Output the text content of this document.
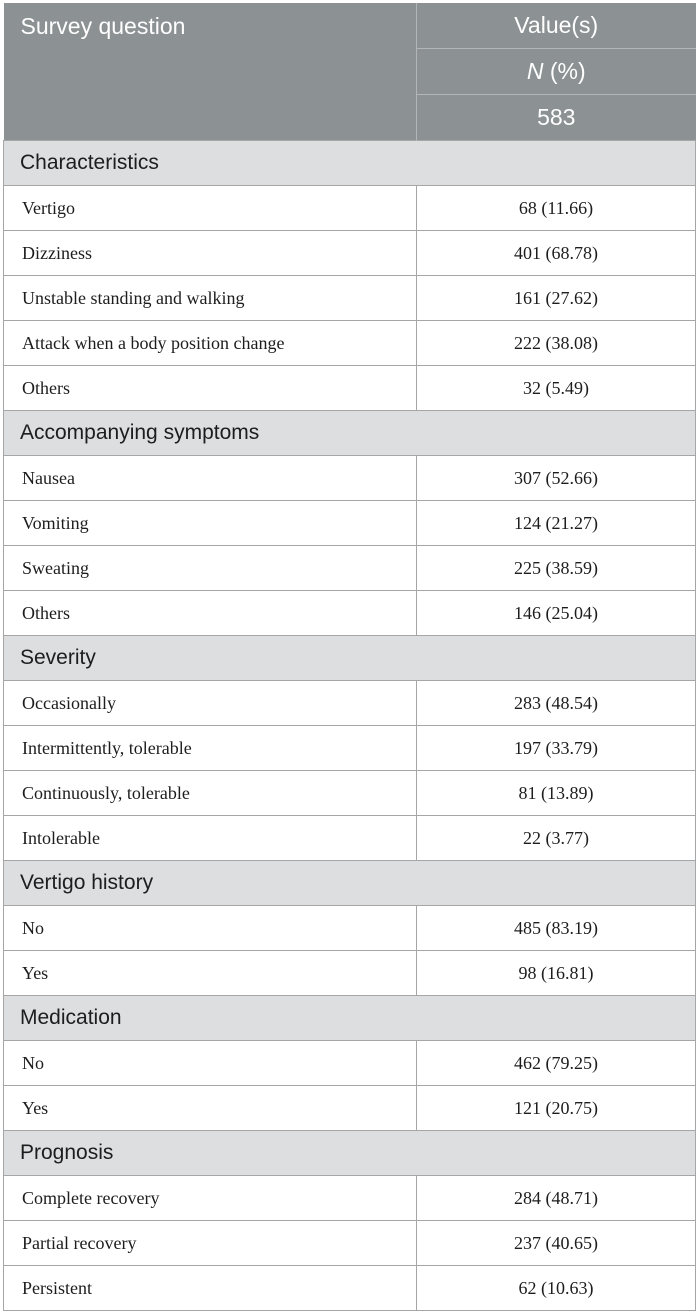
Survey question	Value(s)
	N (%)
	583
Characteristics	
Vertigo	68 (11.66)
Dizziness	401 (68.78)
Unstable standing and walking	161 (27.62)
Attack when a body position change	222 (38.08)
Others	32 (5.49)
Accompanying symptoms	
Nausea	307 (52.66)
Vomiting	124 (21.27)
Sweating	225 (38.59)
Others	146 (25.04)
Severity	
Occasionally	283 (48.54)
Intermittently, tolerable	197 (33.79)
Continuously, tolerable	81 (13.89)
Intolerable	22 (3.77)
Vertigo history	
No	485 (83.19)
Yes	98 (16.81)
Medication	
No	462 (79.25)
Yes	121 (20.75)
Prognosis	
Complete recovery	284 (48.71)
Partial recovery	237 (40.65)
Persistent	62 (10.63)
